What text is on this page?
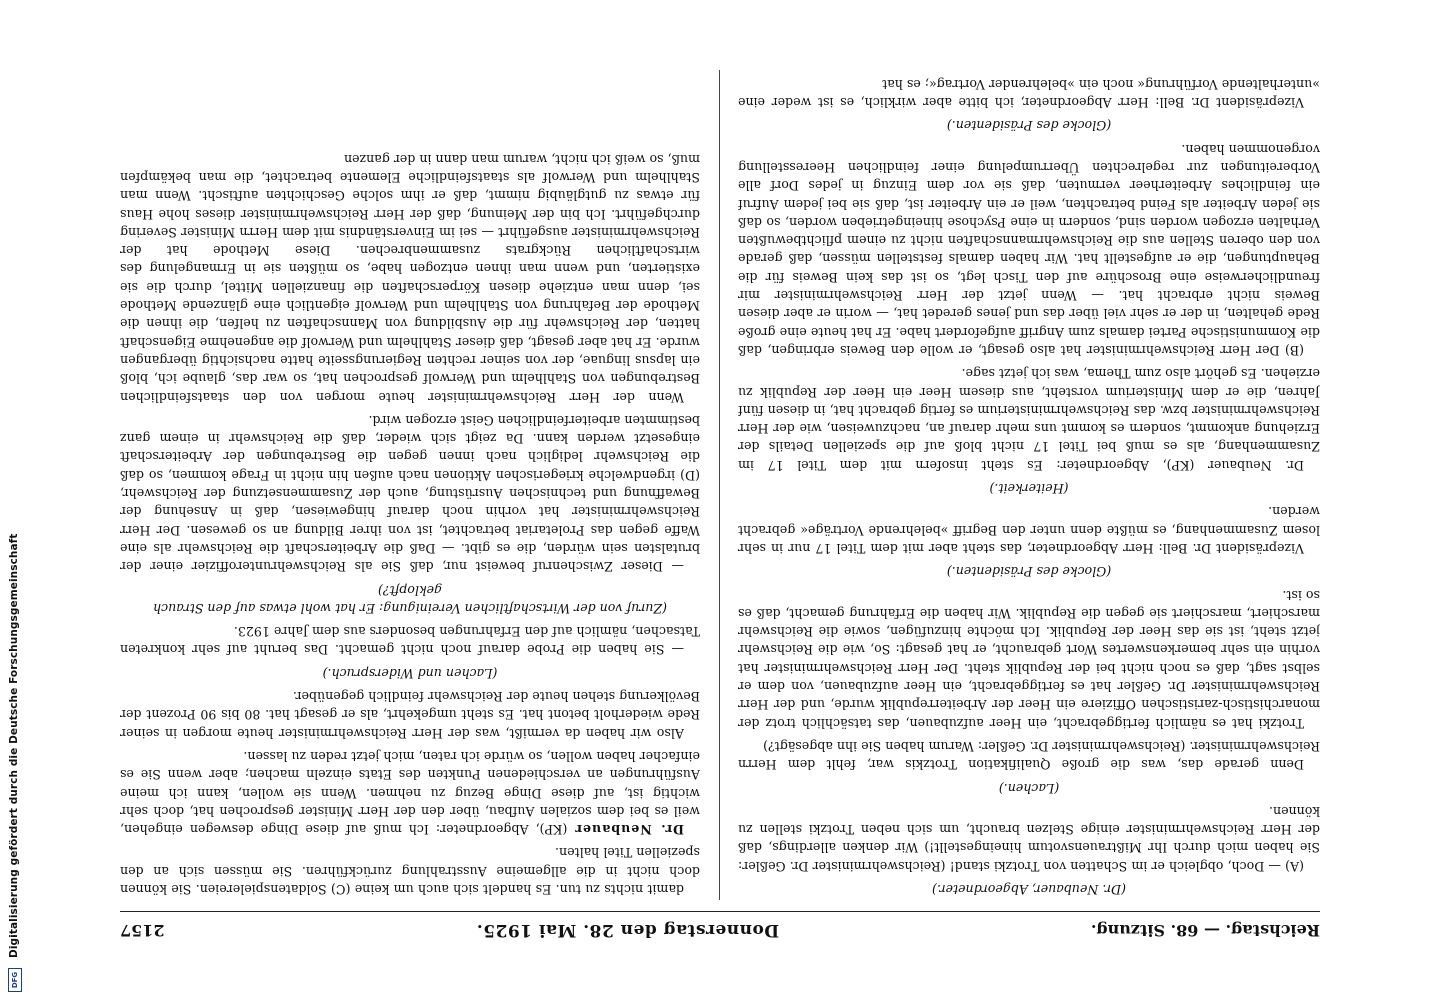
Digitalisierung gefördert durch die Deutsche Forschungsgemeinschaft
DFG
Reichstag. — 68. Sitzung.
Donnerstag den 28. Mai 1925.
2157

(Dr. Neubauer, Abgeordneter.)

(A) — Doch, obgleich er im Schatten von Trotzki stand! (Reichswehrminister Dr. Geßler: Sie haben mich durch Ihr Mißtrauensvotum hineingestellt!) Wir denken allerdings, daß der Herr Reichswehrminister einige Stelzen braucht, um sich neben Trotzki stellen zu können.

(Lachen.)

Denn gerade das, was die große Qualifikation Trotzkis war, fehlt dem Herrn Reichswehrminister. (Reichswehrminister Dr. Geßler: Warum haben Sie ihn abgesägt?)

Trotzki hat es nämlich fertiggebracht, ein Heer aufzubauen, das tatsächlich trotz der monarchistisch-zaristischen Offiziere ein Heer der Arbeiterrepublik wurde, und der Herr Reichswehrminister Dr. Geßler hat es fertiggebracht, ein Heer aufzubauen, von dem er selbst sagt, daß es noch nicht bei der Republik steht. Der Herr Reichswehrminister hat vorhin ein sehr bemerkenswertes Wort gebraucht, er hat gesagt: So, wie die Reichswehr jetzt steht, ist sie das Heer der Republik. Ich möchte hinzufügen, sowie die Reichswehr marschiert, marschiert sie gegen die Republik. Wir haben die Erfahrung gemacht, daß es so ist.

(Glocke des Präsidenten.)

Vizepräsident Dr. Bell: Herr Abgeordneter, das steht aber mit dem Titel 17 nur in sehr losem Zusammenhang, es müßte denn unter den Begriff »belehrende Vorträge« gebracht werden.

(Heiterkeit.)

Dr. Neubauer (KP), Abgeordneter: Es steht insofern mit dem Titel 17 im Zusammenhang, als es muß bei Titel 17 nicht bloß auf die speziellen Details der Erziehung ankommt, sondern es kommt uns mehr darauf an, nachzuweisen, wie der Herr Reichswehrminister bzw. das Reichswehrministerium es fertig gebracht hat, in diesen fünf Jahren, die er dem Ministerium vorsteht, aus diesem Heer ein Heer der Republik zu erziehen. Es gehört also zum Thema, was ich jetzt sage.

(B) Der Herr Reichswehrminister hat also gesagt, er wolle den Beweis erbringen, daß die Kommunistische Partei damals zum Angriff aufgefordert habe. Er hat heute eine große Rede gehalten, in der er sehr viel über das und jenes geredet hat, — worin er aber diesen Beweis nicht erbracht hat. — Wenn jetzt der Herr Reichswehrminister mir freundlicherweise eine Broschüre auf den Tisch legt, so ist das kein Beweis für die Behauptungen, die er aufgestellt hat. Wir haben damals feststellen müssen, daß gerade von den oberen Stellen aus die Reichswehrmannschaften nicht zu einem pflichtbewußten Verhalten erzogen worden sind, sondern in eine Psychose hineingetrieben worden, so daß sie jeden Arbeiter als Feind betrachten, weil er ein Arbeiter ist, daß sie bei jedem Aufruf ein feindliches Arbeiterheer vermuten, daß sie vor dem Einzug in jedes Dorf alle Vorbereitungen zur regelrechten Überrumpelung einer feindlichen Heeresstellung vorgenommen haben.

(Glocke des Präsidenten.)

Vizepräsident Dr. Bell: Herr Abgeordneter, ich bitte aber wirklich, es ist weder eine »unterhaltende Vorführung« noch ein »belehrender Vortrag«; es hat

damit nichts zu tun. Es handelt sich auch um keine (C) Soldatenspielereien. Sie können doch nicht in die allgemeine Ausstrahlung zurückführen. Sie müssen sich an den speziellen Titel halten.

Dr. Neubauer (KP), Abgeordneter: Ich muß auf diese Dinge deswegen eingehen, weil es bei dem sozialen Aufbau, über den der Herr Minister gesprochen hat, doch sehr wichtig ist, auf diese Dinge Bezug zu nehmen. Wenn sie wollen, kann ich meine Ausführungen an verschiedenen Punkten des Etats einzeln machen; aber wenn Sie es einfacher haben wollen, so würde ich raten, mich jetzt reden zu lassen.

Also wir haben da vermißt, was der Herr Reichswehrminister heute morgen in seiner Rede wiederholt betont hat. Es steht umgekehrt, als er gesagt hat. 80 bis 90 Prozent der Bevölkerung stehen heute der Reichswehr feindlich gegenüber.

(Lachen und Widerspruch.)

— Sie haben die Probe darauf noch nicht gemacht. Das beruht auf sehr konkreten Tatsachen, nämlich auf den Erfahrungen besonders aus dem Jahre 1923.

(Zuruf von der Wirtschaftlichen Vereinigung: Er hat wohl etwas auf den Strauch geklopft?)

— Dieser Zwischenruf beweist nur, daß Sie als Reichswehrunteroffizier einer der brutalsten sein würden, die es gibt. — Daß die Arbeiterschaft die Reichswehr als eine Waffe gegen das Proletariat betrachtet, ist von ihrer Bildung an so gewesen. Der Herr Reichswehrminister hat vorhin noch darauf hingewiesen, daß in Ansehung der Bewaffnung und technischen Ausrüstung, auch der Zusammensetzung der Reichswehr, (D) irgendwelche kriegerischen Aktionen nach außen hin nicht in Frage kommen, so daß die Reichswehr lediglich nach innen gegen die Bestrebungen der Arbeiterschaft eingesetzt werden kann. Da zeigt sich wieder, daß die Reichswehr in einem ganz bestimmten arbeiterfeindlichen Geist erzogen wird.

Wenn der Herr Reichswehrminister heute morgen von den staatsfeindlichen Bestrebungen von Stahlhelm und Werwolf gesprochen hat, so war das, glaube ich, bloß ein lapsus linguae, der von seiner rechten Regierungsseite hatte nachsichtig übergangen wurde. Er hat aber gesagt, daß dieser Stahlhelm und Werwolf die angenehme Eigenschaft hatten, der Reichswehr für die Ausbildung von Mannschaften zu helfen, die ihnen die Methode der Befahrung von Stahlhelm und Werwolf eigentlich eine glänzende Methode sei, denn man entziehe diesen Körperschaften die finanziellen Mittel, durch die sie existierten, und wenn man ihnen entzogen habe, so müßten sie in Ermangelung des wirtschaftlichen Rückgrats zusammenbrechen. Diese Methode hat der Reichswehrminister ausgeführt — sei im Einverständnis mit dem Herrn Minister Severing durchgeführt. Ich bin der Meinung, daß der Herr Reichswehrminister dieses hohe Haus für etwas zu gutgläubig nimmt, daß er ihm solche Geschichten auftischt. Wenn man Stahlhelm und Werwolf als staatsfeindliche Elemente betrachtet, die man bekämpfen muß, so weiß ich nicht, warum man dann in der ganzen
